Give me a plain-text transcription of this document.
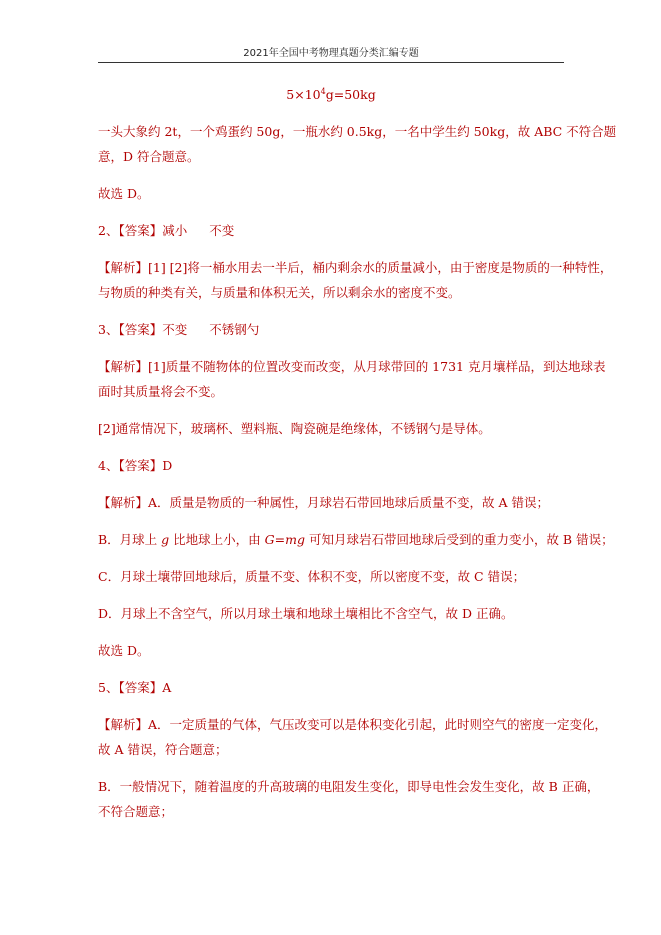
2021年全国中考物理真题分类汇编专题
$5\times 10^4g=50kg$
一头大象约 2t，一个鸡蛋约 50g，一瓶水约 0.5kg，一名中学生约 50kg，故 ABC 不符合题
意，D 符合题意。
故选 D。
2、【答案】减小 不变
【解析】[1] [2]将一桶水用去一半后，桶内剩余水的质量减小，由于密度是物质的一种特性，
与物质的种类有关，与质量和体积无关，所以剩余水的密度不变。
3、【答案】不变 不锈钢勺
【解析】[1]质量不随物体的位置改变而改变，从月球带回的 1731 克月壤样品，到达地球表
面时其质量将会不变。
[2]通常情况下，玻璃杯、塑料瓶、陶瓷碗是绝缘体，不锈钢勺是导体。
4、【答案】D
【解析】A．质量是物质的一种属性，月球岩石带回地球后质量不变，故 A 错误；
B．月球上 g 比地球上小，由 G=mg 可知月球岩石带回地球后受到的重力变小，故 B 错误；
C．月球土壤带回地球后，质量不变、体积不变，所以密度不变，故 C 错误；
D．月球上不含空气，所以月球土壤和地球土壤相比不含空气，故 D 正确。
故选 D。
5、【答案】A
【解析】A．一定质量的气体，气压改变可以是体积变化引起，此时则空气的密度一定变化，
故 A 错误，符合题意；
B．一般情况下，随着温度的升高玻璃的电阻发生变化，即导电性会发生变化，故 B 正确，
不符合题意；
